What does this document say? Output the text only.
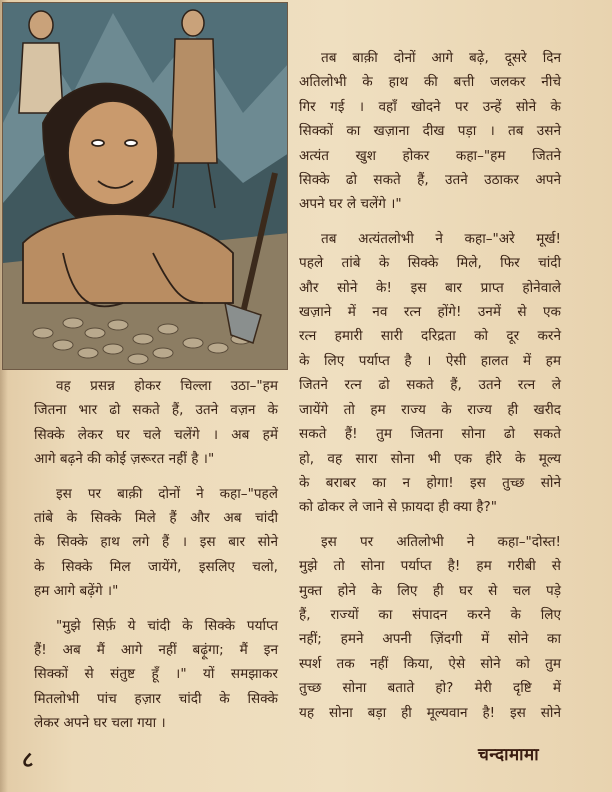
वह प्रसन्न होकर चिल्ला उठा–"हम

जितना भार ढो सकते हैं, उतने वज़न के

सिक्के लेकर घर चले चलेंगे । अब हमें

आगे बढ़ने की कोई ज़रूरत नहीं है ।"

इस पर बाक़ी दोनों ने कहा–"पहले

तांबे के सिक्के मिले हैं और अब चांदी

के सिक्के हाथ लगे हैं । इस बार सोने

के सिक्के मिल जायेंगे, इसलिए चलो,

हम आगे बढ़ेंगे ।"

"मुझे सिर्फ़ ये चांदी के सिक्के पर्याप्त

हैं! अब मैं आगे नहीं बढ़ूंगा; मैं इन

सिक्कों से संतुष्ट हूँ ।" यों समझाकर

मितलोभी पांच हज़ार चांदी के सिक्के

लेकर अपने घर चला गया ।

तब बाक़ी दोनों आगे बढ़े, दूसरे दिन

अतिलोभी के हाथ की बत्ती जलकर नीचे

गिर गई । वहाँ खोदने पर उन्हें सोने के

सिक्कों का खज़ाना दीख पड़ा । तब उसने

अत्यंत खुश होकर कहा–"हम जितने

सिक्के ढो सकते हैं, उतने उठाकर अपने

अपने घर ले चलेंगे ।"

तब अत्यंतलोभी ने कहा–"अरे मूर्ख!

पहले तांबे के सिक्के मिले, फिर चांदी

और सोने के! इस बार प्राप्त होनेवाले

खज़ाने में नव रत्न होंगे! उनमें से एक

रत्न हमारी सारी दरिद्रता को दूर करने

के लिए पर्याप्त है । ऐसी हालत में हम

जितने रत्न ढो सकते हैं, उतने रत्न ले

जायेंगे तो हम राज्य के राज्य ही खरीद

सकते हैं! तुम जितना सोना ढो सकते

हो, वह सारा सोना भी एक हीरे के मूल्य

के बराबर का न होगा! इस तुच्छ सोने

को ढोकर ले जाने से फ़ायदा ही क्या है?"

इस पर अतिलोभी ने कहा–"दोस्त!

मुझे तो सोना पर्याप्त है! हम गरीबी से

मुक्त होने के लिए ही घर से चल पड़े

हैं, राज्यों का संपादन करने के लिए

नहीं; हमने अपनी ज़िंदगी में सोने का

स्पर्श तक नहीं किया, ऐसे सोने को तुम

तुच्छ सोना बताते हो? मेरी दृष्टि में

यह सोना बड़ा ही मूल्यवान है! इस सोने

८	चन्दामामा
